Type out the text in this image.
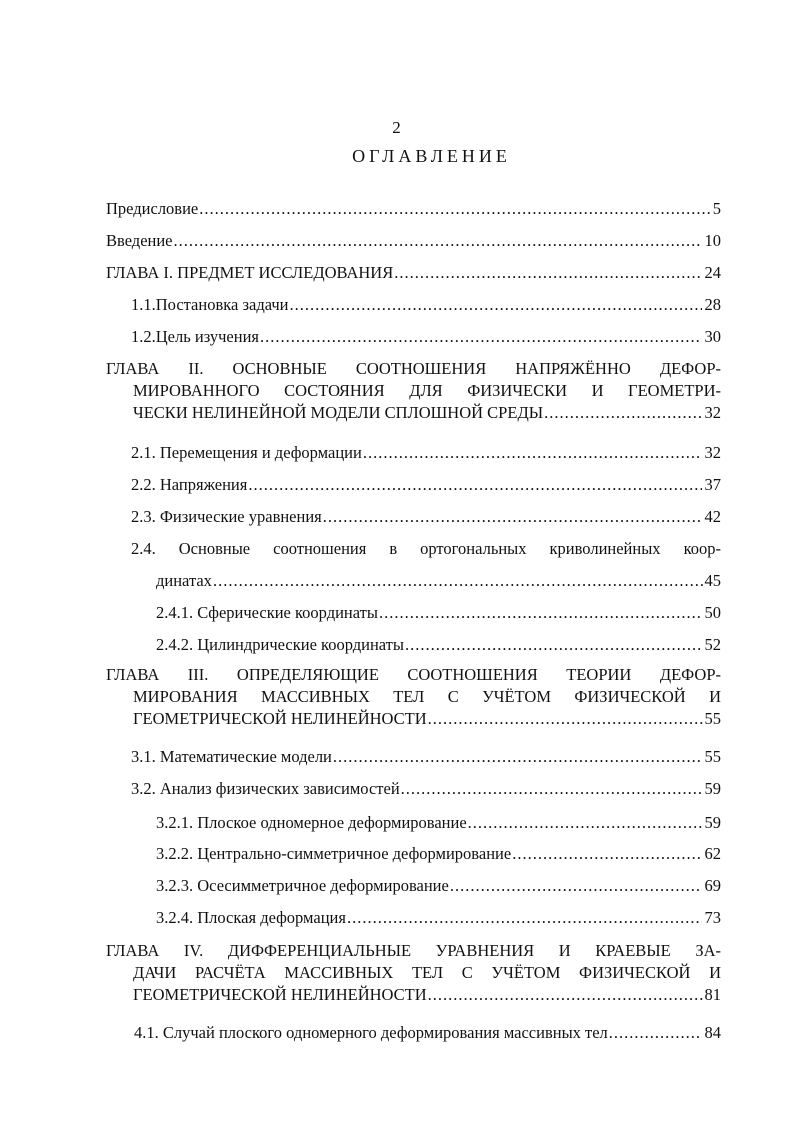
2
ОГЛАВЛЕНИЕ
Предисловие .....	5
Введение .....	10
ГЛАВА I. ПРЕДМЕТ ИССЛЕДОВАНИЯ .....	24
1.1.Постановка задачи .....	28
1.2.Цель изучения .....	30
ГЛАВА II. ОСНОВНЫЕ СООТНОШЕНИЯ НАПРЯЖЁННО ДЕФОР-
МИРОВАННОГО СОСТОЯНИЯ ДЛЯ ФИЗИЧЕСКИ И ГЕОМЕТРИ-
ЧЕСКИ НЕЛИНЕЙНОЙ МОДЕЛИ СПЛОШНОЙ СРЕДЫ .....	32
2.1. Перемещения и деформации .....	32
2.2. Напряжения .....	37
2.3. Физические уравнения .....	42
2.4. Основные соотношения в ортогональных криволинейных коор-
динатах .....	45
2.4.1. Сферические координаты .....	50
2.4.2. Цилиндрические координаты .....	52
ГЛАВА III. ОПРЕДЕЛЯЮЩИЕ СООТНОШЕНИЯ ТЕОРИИ ДЕФОР-
МИРОВАНИЯ МАССИВНЫХ ТЕЛ С УЧЁТОМ ФИЗИЧЕСКОЙ И
ГЕОМЕТРИЧЕСКОЙ НЕЛИНЕЙНОСТИ .....	55
3.1. Математические модели .....	55
3.2. Анализ физических зависимостей .....	59
3.2.1. Плоское одномерное деформирование .....	59
3.2.2. Центрально-симметричное деформирование .....	62
3.2.3. Осесимметричное деформирование .....	69
3.2.4. Плоская деформация .....	73
ГЛАВА IV. ДИФФЕРЕНЦИАЛЬНЫЕ УРАВНЕНИЯ И КРАЕВЫЕ ЗА-
ДАЧИ РАСЧЁТА МАССИВНЫХ ТЕЛ С УЧЁТОМ ФИЗИЧЕСКОЙ И
ГЕОМЕТРИЧЕСКОЙ НЕЛИНЕЙНОСТИ .....	81
4.1. Случай плоского одномерного деформирования массивных тел .....	84
